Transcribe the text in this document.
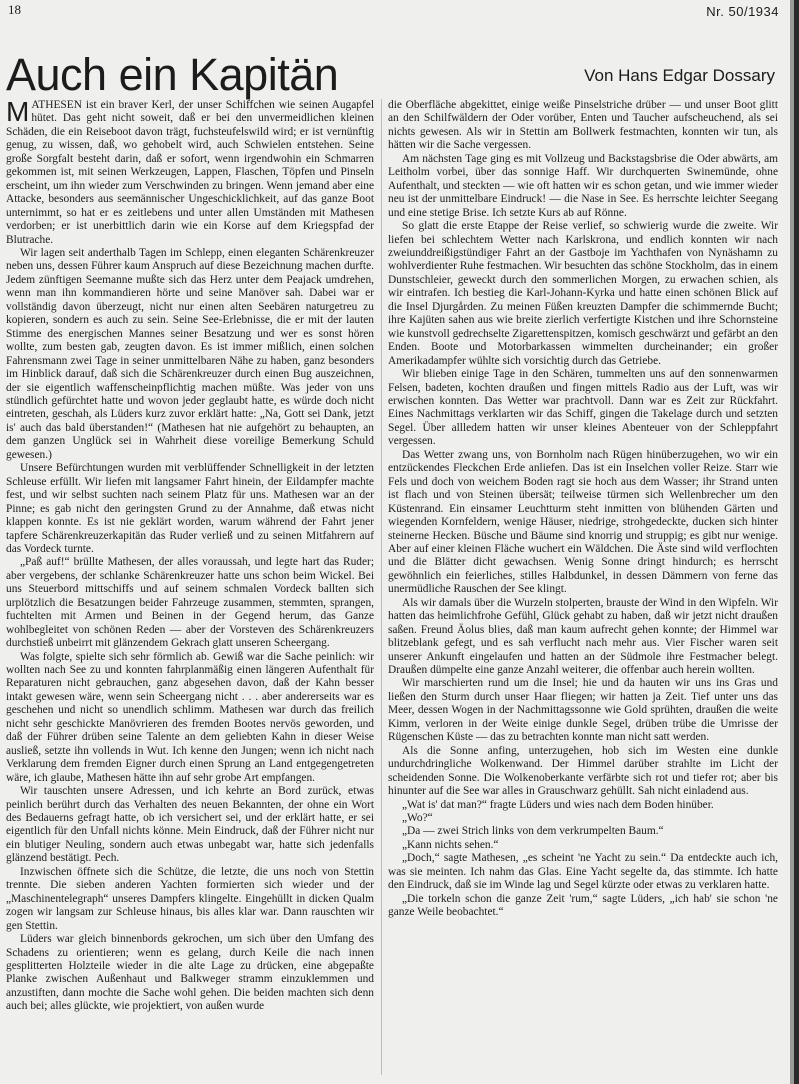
18	Nr. 50/1934
Auch ein Kapitän	Von Hans Edgar Dossary

MATHESEN ist ein braver Kerl, der unser Schiffchen wie seinen Augapfel hütet. Das geht nicht soweit, daß er bei den unvermeidlichen kleinen Schäden, die ein Reiseboot davon trägt, fuchsteufelswild wird; er ist vernünftig genug, zu wissen, daß, wo gehobelt wird, auch Schwielen entstehen. Seine große Sorgfalt besteht darin, daß er sofort, wenn irgendwohin ein Schmarren gekommen ist, mit seinen Werkzeugen, Lappen, Flaschen, Töpfen und Pinseln erscheint, um ihn wieder zum Verschwinden zu bringen. Wenn jemand aber eine Attacke, besonders aus seemännischer Ungeschicklichkeit, auf das ganze Boot unternimmt, so hat er es zeitlebens und unter allen Umständen mit Mathesen verdorben; er ist unerbittlich darin wie ein Korse auf dem Kriegspfad der Blutrache.

Wir lagen seit anderthalb Tagen im Schlepp, einen eleganten Schärenkreuzer neben uns, dessen Führer kaum Anspruch auf diese Bezeichnung machen durfte. Jedem zünftigen Seemanne mußte sich das Herz unter dem Peajack umdrehen, wenn man ihn kommandieren hörte und seine Manöver sah. Dabei war er vollständig davon überzeugt, nicht nur einen alten Seebären naturgetreu zu kopieren, sondern es auch zu sein. Seine See-Erlebnisse, die er mit der lauten Stimme des energischen Mannes seiner Besatzung und wer es sonst hören wollte, zum besten gab, zeugten davon. Es ist immer mißlich, einen solchen Fahrensmann zwei Tage in seiner unmittelbaren Nähe zu haben, ganz besonders im Hinblick darauf, daß sich die Schärenkreuzer durch einen Bug auszeichnen, der sie eigentlich waffenscheinpflichtig machen müßte. Was jeder von uns stündlich gefürchtet hatte und wovon jeder geglaubt hatte, es würde doch nicht eintreten, geschah, als Lüders kurz zuvor erklärt hatte: „Na, Gott sei Dank, jetzt is' auch das bald überstanden!“ (Mathesen hat nie aufgehört zu behaupten, an dem ganzen Unglück sei in Wahrheit diese voreilige Bemerkung Schuld gewesen.)

Unsere Befürchtungen wurden mit verblüffender Schnelligkeit in der letzten Schleuse erfüllt. Wir liefen mit langsamer Fahrt hinein, der Eildampfer machte fest, und wir selbst suchten nach seinem Platz für uns. Mathesen war an der Pinne; es gab nicht den geringsten Grund zu der Annahme, daß etwas nicht klappen konnte. Es ist nie geklärt worden, warum während der Fahrt jener tapfere Schärenkreuzerkapitän das Ruder verließ und zu seinen Mitfahrern auf das Vordeck turnte.

„Paß auf!“ brüllte Mathesen, der alles voraussah, und legte hart das Ruder; aber vergebens, der schlanke Schärenkreuzer hatte uns schon beim Wickel. Bei uns Steuerbord mittschiffs und auf seinem schmalen Vordeck ballten sich urplötzlich die Besatzungen beider Fahrzeuge zusammen, stemmten, sprangen, fuchtelten mit Armen und Beinen in der Gegend herum, das Ganze wohlbegleitet von schönen Reden — aber der Vorsteven des Schärenkreuzers durchstieß unbeirrt mit glänzendem Gekrach glatt unseren Scheergang.

Was folgte, spielte sich sehr förmlich ab. Gewiß war die Sache peinlich: wir wollten nach See zu und konnten fahrplanmäßig einen längeren Aufenthalt für Reparaturen nicht gebrauchen, ganz abgesehen davon, daß der Kahn besser intakt gewesen wäre, wenn sein Scheergang nicht . . . aber andererseits war es geschehen und nicht so unendlich schlimm. Mathesen war durch das freilich nicht sehr geschickte Manövrieren des fremden Bootes nervös geworden, und daß der Führer drüben seine Talente an dem geliebten Kahn in dieser Weise ausließ, setzte ihn vollends in Wut. Ich kenne den Jungen; wenn ich nicht nach Verklarung dem fremden Eigner durch einen Sprung an Land entgegengetreten wäre, ich glaube, Mathesen hätte ihn auf sehr grobe Art empfangen.

Wir tauschten unsere Adressen, und ich kehrte an Bord zurück, etwas peinlich berührt durch das Verhalten des neuen Bekannten, der ohne ein Wort des Bedauerns gefragt hatte, ob ich versichert sei, und der erklärt hatte, er sei eigentlich für den Unfall nichts könne. Mein Eindruck, daß der Führer nicht nur ein blutiger Neuling, sondern auch etwas unbegabt war, hatte sich jedenfalls glänzend bestätigt. Pech.

Inzwischen öffnete sich die Schütze, die letzte, die uns noch von Stettin trennte. Die sieben anderen Yachten formierten sich wieder und der „Maschinentelegraph“ unseres Dampfers klingelte. Eingehüllt in dicken Qualm zogen wir langsam zur Schleuse hinaus, bis alles klar war. Dann rauschten wir gen Stettin.

Lüders war gleich binnenbords gekrochen, um sich über den Umfang des Schadens zu orientieren; wenn es gelang, durch Keile die nach innen gesplitterten Holzteile wieder in die alte Lage zu drücken, eine abgepaßte Planke zwischen Außenhaut und Balkweger stramm einzuklemmen und anzustiften, dann mochte die Sache wohl gehen. Die beiden machten sich denn auch bei; alles glückte, wie projektiert, von außen wurde

die Oberfläche abgekittet, einige weiße Pinselstriche drüber — und unser Boot glitt an den Schilfwäldern der Oder vorüber, Enten und Taucher aufscheuchend, als sei nichts gewesen. Als wir in Stettin am Bollwerk festmachten, konnten wir tun, als hätten wir die Sache vergessen.

Am nächsten Tage ging es mit Vollzeug und Backstagsbrise die Oder abwärts, am Leitholm vorbei, über das sonnige Haff. Wir durchquerten Swinemünde, ohne Aufenthalt, und steckten — wie oft hatten wir es schon getan, und wie immer wieder neu ist der unmittelbare Eindruck! — die Nase in See. Es herrschte leichter Seegang und eine stetige Brise. Ich setzte Kurs ab auf Rönne.

So glatt die erste Etappe der Reise verlief, so schwierig wurde die zweite. Wir liefen bei schlechtem Wetter nach Karlskrona, und endlich konnten wir nach zweiunddreißigstündiger Fahrt an der Gastboje im Yachthafen von Nynäshamn zu wohlverdienter Ruhe festmachen. Wir besuchten das schöne Stockholm, das in einem Dunstschleier, geweckt durch den sommerlichen Morgen, zu erwachen schien, als wir eintrafen. Ich bestieg die Karl-Johann-Kyrka und hatte einen schönen Blick auf die Insel Djurgården. Zu meinen Füßen kreuzten Dampfer die schimmernde Bucht; ihre Kajüten sahen aus wie breite zierlich verfertigte Kistchen und ihre Schornsteine wie kunstvoll gedrechselte Zigarettenspitzen, komisch geschwärzt und gefärbt an den Enden. Boote und Motorbarkassen wimmelten durcheinander; ein großer Amerikadampfer wühlte sich vorsichtig durch das Getriebe.

Wir blieben einige Tage in den Schären, tummelten uns auf den sonnenwarmen Felsen, badeten, kochten draußen und fingen mittels Radio aus der Luft, was wir erwischen konnten. Das Wetter war prachtvoll. Dann war es Zeit zur Rückfahrt. Eines Nachmittags verklarten wir das Schiff, gingen die Takelage durch und setzten Segel. Über allledem hatten wir unser kleines Abenteuer von der Schleppfahrt vergessen.

Das Wetter zwang uns, von Bornholm nach Rügen hinüberzugehen, wo wir ein entzückendes Fleckchen Erde anliefen. Das ist ein Inselchen voller Reize. Starr wie Fels und doch von weichem Boden ragt sie hoch aus dem Wasser; ihr Strand unten ist flach und von Steinen übersät; teilweise türmen sich Wellenbrecher um den Küstenrand. Ein einsamer Leuchtturm steht inmitten von blühenden Gärten und wiegenden Kornfeldern, wenige Häuser, niedrige, strohgedeckte, ducken sich hinter steinerne Hecken. Büsche und Bäume sind knorrig und struppig; es gibt nur wenige. Aber auf einer kleinen Fläche wuchert ein Wäldchen. Die Äste sind wild verflochten und die Blätter dicht gewachsen. Wenig Sonne dringt hindurch; es herrscht gewöhnlich ein feierliches, stilles Halbdunkel, in dessen Dämmern von ferne das unermüdliche Rauschen der See klingt.

Als wir damals über die Wurzeln stolperten, brauste der Wind in den Wipfeln. Wir hatten das heimlichfrohe Gefühl, Glück gehabt zu haben, daß wir jetzt nicht draußen saßen. Freund Äolus blies, daß man kaum aufrecht gehen konnte; der Himmel war blitzeblank gefegt, und es sah verflucht nach mehr aus. Vier Fischer waren seit unserer Ankunft eingelaufen und hatten an der Südmole ihre Festmacher belegt. Draußen dümpelte eine ganze Anzahl weiterer, die offenbar auch herein wollten.

Wir marschierten rund um die Insel; hie und da hauten wir uns ins Gras und ließen den Sturm durch unser Haar fliegen; wir hatten ja Zeit. Tief unter uns das Meer, dessen Wogen in der Nachmittagssonne wie Gold sprühten, draußen die weite Kimm, verloren in der Weite einige dunkle Segel, drüben trübe die Umrisse der Rügenschen Küste — das zu betrachten konnte man nicht satt werden.

Als die Sonne anfing, unterzugehen, hob sich im Westen eine dunkle undurchdringliche Wolkenwand. Der Himmel darüber strahlte im Licht der scheidenden Sonne. Die Wolkenoberkante verfärbte sich rot und tiefer rot; aber bis hinunter auf die See war alles in Grauschwarz gehüllt. Sah nicht einladend aus.

„Wat is' dat man?“ fragte Lüders und wies nach dem Boden hinüber.

„Wo?“

„Da — zwei Strich links von dem verkrumpelten Baum.“

„Kann nichts sehen.“

„Doch,“ sagte Mathesen, „es scheint 'ne Yacht zu sein.“ Da entdeckte auch ich, was sie meinten. Ich nahm das Glas. Eine Yacht segelte da, das stimmte. Ich hatte den Eindruck, daß sie im Winde lag und Segel kürzte oder etwas zu verklaren hatte.

„Die torkeln schon die ganze Zeit 'rum,“ sagte Lüders, „ich hab' sie schon 'ne ganze Weile beobachtet.“
